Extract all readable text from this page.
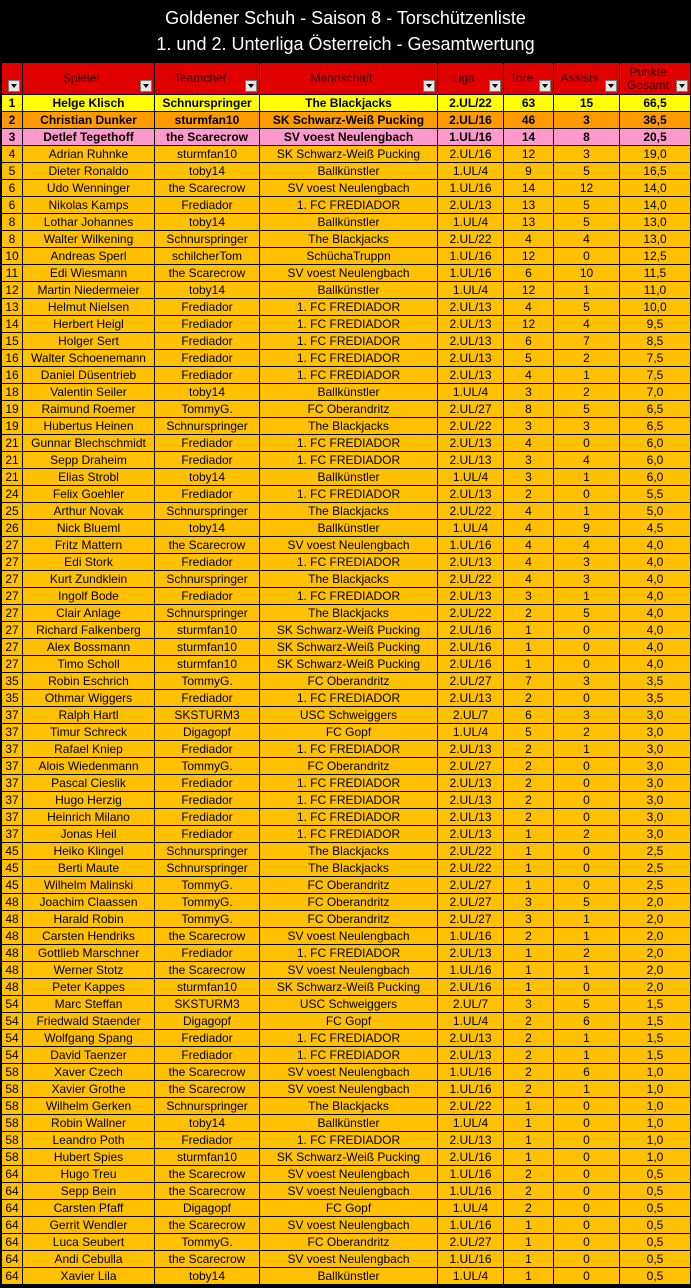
Goldener Schuh - Saison 8 - Torschützenliste
1. und 2. Unterliga Österreich - Gesamtwertung

	Spieler	Teamchef	Mannschaft	Liga	Tore	Assists	Punkte Gesamt

1	Helge Klisch	Schnurspringer	The Blackjacks	2.UL/22	63	15	66,5
2	Christian Dunker	sturmfan10	SK Schwarz-Weiß Pucking	2.UL/16	46	3	36,5
3	Detlef Tegethoff	the Scarecrow	SV voest Neulengbach	1.UL/16	14	8	20,5
4	Adrian Ruhnke	sturmfan10	SK Schwarz-Weiß Pucking	2.UL/16	12	3	19,0
5	Dieter Ronaldo	toby14	Ballkünstler	1.UL/4	9	5	16,5
6	Udo Wenninger	the Scarecrow	SV voest Neulengbach	1.UL/16	14	12	14,0
6	Nikolas Kamps	Frediador	1. FC FREDIADOR	2.UL/13	13	5	14,0
8	Lothar Johannes	toby14	Ballkünstler	1.UL/4	13	5	13,0
8	Walter Wilkening	Schnurspringer	The Blackjacks	2.UL/22	4	4	13,0
10	Andreas Sperl	schilcherTom	SchüchaTruppn	1.UL/16	12	0	12,5
11	Edi Wiesmann	the Scarecrow	SV voest Neulengbach	1.UL/16	6	10	11,5
12	Martin Niedermeier	toby14	Ballkünstler	1.UL/4	12	1	11,0
13	Helmut Nielsen	Frediador	1. FC FREDIADOR	2.UL/13	4	5	10,0
14	Herbert Heigl	Frediador	1. FC FREDIADOR	2.UL/13	12	4	9,5
15	Holger Sert	Frediador	1. FC FREDIADOR	2.UL/13	6	7	8,5
16	Walter Schoenemann	Frediador	1. FC FREDIADOR	2.UL/13	5	2	7,5
16	Daniel Düsentrieb	Frediador	1. FC FREDIADOR	2.UL/13	4	1	7,5
18	Valentin Seiler	toby14	Ballkünstler	1.UL/4	3	2	7,0
19	Raimund Roemer	TommyG.	FC Oberandritz	2.UL/27	8	5	6,5
19	Hubertus Heinen	Schnurspringer	The Blackjacks	2.UL/22	3	3	6,5
21	Gunnar Blechschmidt	Frediador	1. FC FREDIADOR	2.UL/13	4	0	6,0
21	Sepp Draheim	Frediador	1. FC FREDIADOR	2.UL/13	3	4	6,0
21	Elias Strobl	toby14	Ballkünstler	1.UL/4	3	1	6,0
24	Felix Goehler	Frediador	1. FC FREDIADOR	2.UL/13	2	0	5,5
25	Arthur Novak	Schnurspringer	The Blackjacks	2.UL/22	4	1	5,0
26	Nick Blueml	toby14	Ballkünstler	1.UL/4	4	9	4,5
27	Fritz Mattern	the Scarecrow	SV voest Neulengbach	1.UL/16	4	4	4,0
27	Edi Stork	Frediador	1. FC FREDIADOR	2.UL/13	4	3	4,0
27	Kurt Zundklein	Schnurspringer	The Blackjacks	2.UL/22	4	3	4,0
27	Ingolf Bode	Frediador	1. FC FREDIADOR	2.UL/13	3	1	4,0
27	Clair Anlage	Schnurspringer	The Blackjacks	2.UL/22	2	5	4,0
27	Richard Falkenberg	sturmfan10	SK Schwarz-Weiß Pucking	2.UL/16	1	0	4,0
27	Alex Bossmann	sturmfan10	SK Schwarz-Weiß Pucking	2.UL/16	1	0	4,0
27	Timo Scholl	sturmfan10	SK Schwarz-Weiß Pucking	2.UL/16	1	0	4,0
35	Robin Eschrich	TommyG.	FC Oberandritz	2.UL/27	7	3	3,5
35	Othmar Wiggers	Frediador	1. FC FREDIADOR	2.UL/13	2	0	3,5
37	Ralph Hartl	SKSTURM3	USC Schweiggers	2.UL/7	6	3	3,0
37	Timur Schreck	Digagopf	FC Gopf	1.UL/4	5	2	3,0
37	Rafael Kniep	Frediador	1. FC FREDIADOR	2.UL/13	2	1	3,0
37	Alois Wiedenmann	TommyG.	FC Oberandritz	2.UL/27	2	0	3,0
37	Pascal Cieslik	Frediador	1. FC FREDIADOR	2.UL/13	2	0	3,0
37	Hugo Herzig	Frediador	1. FC FREDIADOR	2.UL/13	2	0	3,0
37	Heinrich Milano	Frediador	1. FC FREDIADOR	2.UL/13	2	0	3,0
37	Jonas Heil	Frediador	1. FC FREDIADOR	2.UL/13	1	2	3,0
45	Heiko Klingel	Schnurspringer	The Blackjacks	2.UL/22	1	0	2,5
45	Berti Maute	Schnurspringer	The Blackjacks	2.UL/22	1	0	2,5
45	Wilhelm Malinski	TommyG.	FC Oberandritz	2.UL/27	1	0	2,5
48	Joachim Claassen	TommyG.	FC Oberandritz	2.UL/27	3	5	2,0
48	Harald Robin	TommyG.	FC Oberandritz	2.UL/27	3	1	2,0
48	Carsten Hendriks	the Scarecrow	SV voest Neulengbach	1.UL/16	2	1	2,0
48	Gottlieb Marschner	Frediador	1. FC FREDIADOR	2.UL/13	1	2	2,0
48	Werner Stotz	the Scarecrow	SV voest Neulengbach	1.UL/16	1	1	2,0
48	Peter Kappes	sturmfan10	SK Schwarz-Weiß Pucking	2.UL/16	1	0	2,0
54	Marc Steffan	SKSTURM3	USC Schweiggers	2.UL/7	3	5	1,5
54	Friedwald Staender	Digagopf	FC Gopf	1.UL/4	2	6	1,5
54	Wolfgang Spang	Frediador	1. FC FREDIADOR	2.UL/13	2	1	1,5
54	David Taenzer	Frediador	1. FC FREDIADOR	2.UL/13	2	1	1,5
58	Xaver Czech	the Scarecrow	SV voest Neulengbach	1.UL/16	2	6	1,0
58	Xavier Grothe	the Scarecrow	SV voest Neulengbach	1.UL/16	2	1	1,0
58	Wilhelm Gerken	Schnurspringer	The Blackjacks	2.UL/22	1	0	1,0
58	Robin Wallner	toby14	Ballkünstler	1.UL/4	1	0	1,0
58	Leandro Poth	Frediador	1. FC FREDIADOR	2.UL/13	1	0	1,0
58	Hubert Spies	sturmfan10	SK Schwarz-Weiß Pucking	2.UL/16	1	0	1,0
64	Hugo Treu	the Scarecrow	SV voest Neulengbach	1.UL/16	2	0	0,5
64	Sepp Bein	the Scarecrow	SV voest Neulengbach	1.UL/16	2	0	0,5
64	Carsten Pfaff	Digagopf	FC Gopf	1.UL/4	2	0	0,5
64	Gerrit Wendler	the Scarecrow	SV voest Neulengbach	1.UL/16	1	0	0,5
64	Luca Seubert	TommyG.	FC Oberandritz	2.UL/27	1	0	0,5
64	Andi Cebulla	the Scarecrow	SV voest Neulengbach	1.UL/16	1	0	0,5
64	Xavier Lila	toby14	Ballkünstler	1.UL/4	1	0	0,5
